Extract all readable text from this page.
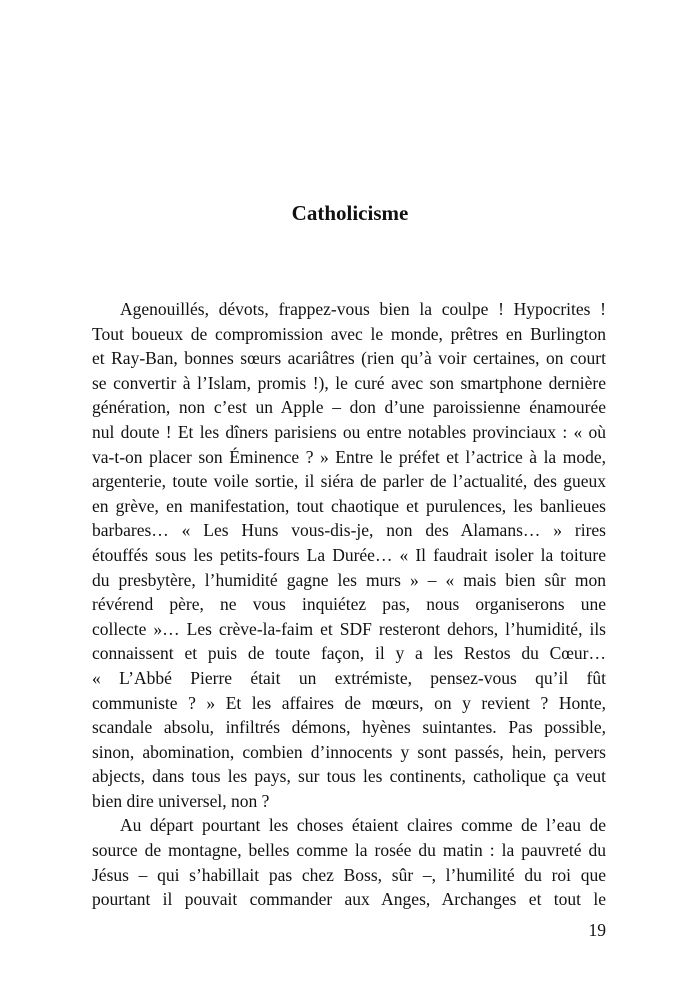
Catholicisme
Agenouillés, dévots, frappez-vous bien la coulpe ! Hypocrites !
Tout boueux de compromission avec le monde, prêtres en Burlington
et Ray-Ban, bonnes sœurs acariâtres (rien qu’à voir certaines, on court
se convertir à l’Islam, promis !), le curé avec son smartphone dernière
génération, non c’est un Apple – don d’une paroissienne énamourée
nul doute ! Et les dîners parisiens ou entre notables provinciaux : « où
va-t-on placer son Éminence ? » Entre le préfet et l’actrice à la mode,
argenterie, toute voile sortie, il siéra de parler de l’actualité, des gueux
en grève, en manifestation, tout chaotique et purulences, les banlieues
barbares… « Les Huns vous-dis-je, non des Alamans… » rires
étouffés sous les petits-fours La Durée… « Il faudrait isoler la toiture
du presbytère, l’humidité gagne les murs » – « mais bien sûr mon
révérend père, ne vous inquiétez pas, nous organiserons une
collecte »… Les crève-la-faim et SDF resteront dehors, l’humidité, ils
connaissent et puis de toute façon, il y a les Restos du Cœur…
« L’Abbé Pierre était un extrémiste, pensez-vous qu’il fût
communiste ? » Et les affaires de mœurs, on y revient ? Honte,
scandale absolu, infiltrés démons, hyènes suintantes. Pas possible,
sinon, abomination, combien d’innocents y sont passés, hein, pervers
abjects, dans tous les pays, sur tous les continents, catholique ça veut
bien dire universel, non ?
Au départ pourtant les choses étaient claires comme de l’eau de
source de montagne, belles comme la rosée du matin : la pauvreté du
Jésus – qui s’habillait pas chez Boss, sûr –, l’humilité du roi que
pourtant il pouvait commander aux Anges, Archanges et tout le
19
